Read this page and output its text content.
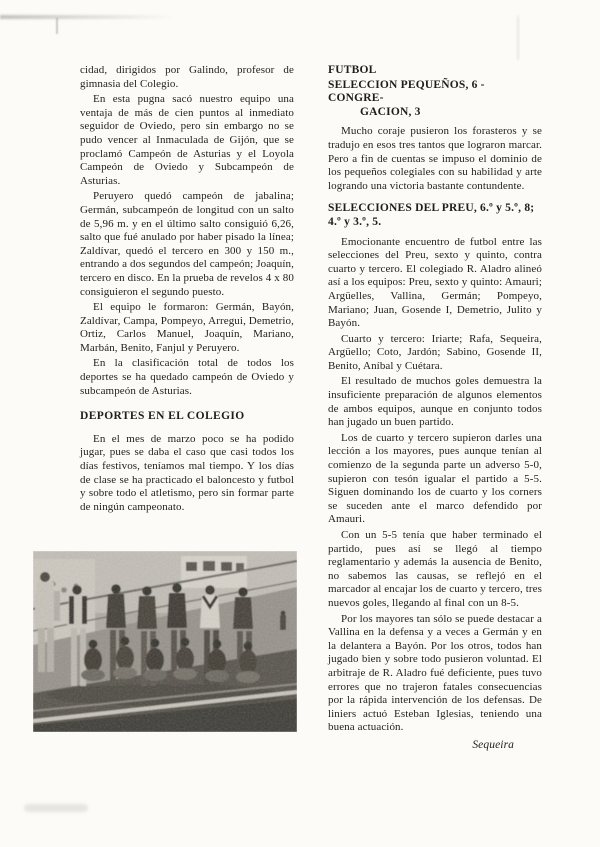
cidad, dirigidos por Galindo, profesor de gimnasia del Colegio.

En esta pugna sacó nuestro equipo una ventaja de más de cien puntos al inmediato seguidor de Oviedo, pero sin embargo no se pudo vencer al Inmaculada de Gijón, que se proclamó Campeón de Asturias y el Loyola Campeón de Oviedo y Subcampeón de Asturias.

Peruyero quedó campeón de jabalina; Germán, subcampeón de longitud con un salto de 5,96 m. y en el último salto consiguió 6,26, salto que fué anulado por haber pisado la línea; Zaldívar, quedó el tercero en 300 y 150 m., entrando a dos segundos del campeón; Joaquín, tercero en disco. En la prueba de revelos 4 x 80 consiguieron el segundo puesto.

El equipo le formaron: Germán, Bayón, Zaldívar, Campa, Pompeyo, Arregui, Demetrio, Ortiz, Carlos Manuel, Joaquín, Mariano, Marbán, Benito, Fanjul y Peruyero.

En la clasificación total de todos los deportes se ha quedado campeón de Oviedo y subcampeón de Asturias.

DEPORTES EN EL COLEGIO

En el mes de marzo poco se ha podido jugar, pues se daba el caso que casi todos los días festivos, teníamos mal tiempo. Y los días de clase se ha practicado el baloncesto y futbol y sobre todo el atletismo, pero sin formar parte de ningún campeonato.

FUTBOL
SELECCION PEQUEÑOS, 6 - CONGRE-
GACION, 3

Mucho coraje pusieron los forasteros y se tradujo en esos tres tantos que lograron marcar. Pero a fin de cuentas se impuso el dominio de los pequeños colegiales con su habilidad y arte logrando una victoria bastante contundente.

SELECCIONES DEL PREU, 6.º y 5.º, 8;
4.º y 3.º, 5.

Emocionante encuentro de futbol entre las selecciones del Preu, sexto y quinto, contra cuarto y tercero. El colegiado R. Aladro alineó así a los equipos: Preu, sexto y quinto: Amauri; Argüelles, Vallina, Germán; Pompeyo, Mariano; Juan, Gosende I, Demetrio, Julito y Bayón.

Cuarto y tercero: Iriarte; Rafa, Sequeira, Argüello; Coto, Jardón; Sabino, Gosende II, Benito, Aníbal y Cuétara.

El resultado de muchos goles demuestra la insuficiente preparación de algunos elementos de ambos equipos, aunque en conjunto todos han jugado un buen partido.

Los de cuarto y tercero supieron darles una lección a los mayores, pues aunque tenían al comienzo de la segunda parte un adverso 5-0, supieron con tesón igualar el partido a 5-5. Siguen dominando los de cuarto y los corners se suceden ante el marco defendido por Amauri.

Con un 5-5 tenía que haber terminado el partido, pues así se llegó al tiempo reglamentario y además la ausencia de Benito, no sabemos las causas, se reflejó en el marcador al encajar los de cuarto y tercero, tres nuevos goles, llegando al final con un 8-5.

Por los mayores tan sólo se puede destacar a Vallina en la defensa y a veces a Germán y en la delantera a Bayón. Por los otros, todos han jugado bien y sobre todo pusieron voluntad. El arbitraje de R. Aladro fué deficiente, pues tuvo errores que no trajeron fatales consecuencias por la rápida intervención de los defensas. De liniers actuó Esteban Iglesias, teniendo una buena actuación.

Sequeira
